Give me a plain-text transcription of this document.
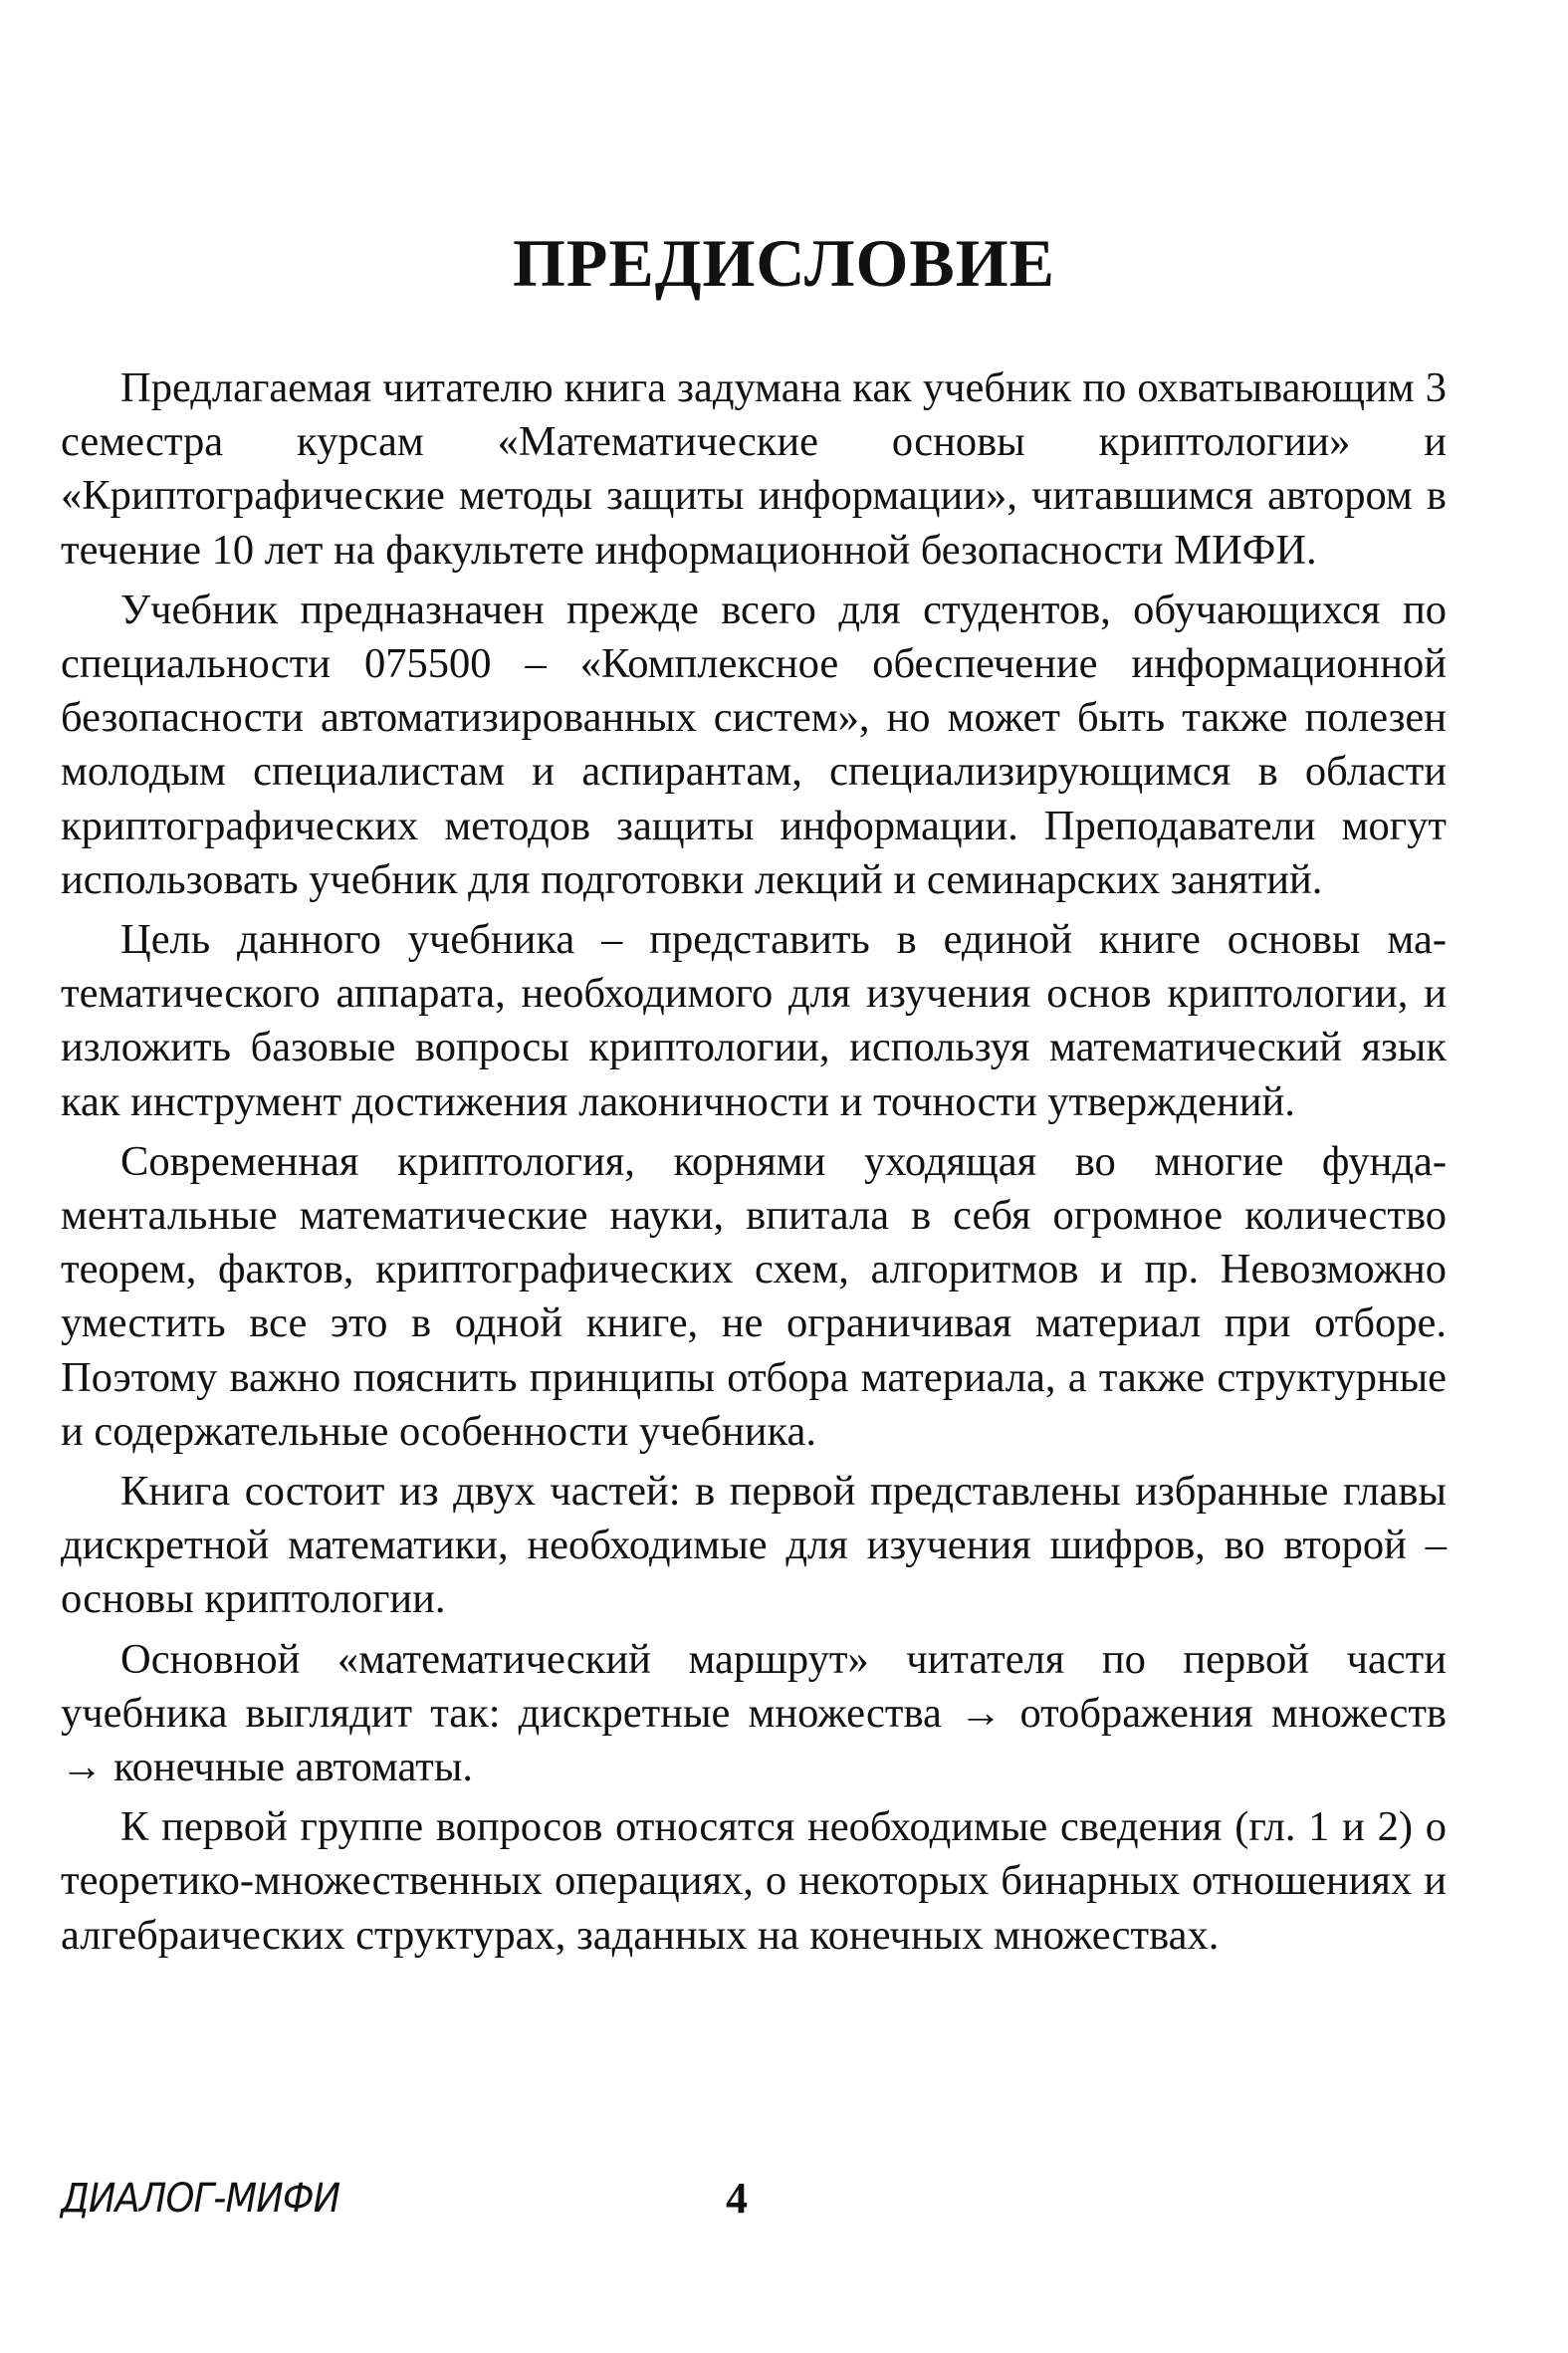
ПРЕДИСЛОВИЕ

Предлагаемая читателю книга задумана как учебник по охватывающим 3 семестра курсам «Математические основы криптологии» и «Криптографические методы защиты информации», читавшимся автором в течение 10 лет на факультете информационной безопасности МИФИ.

Учебник предназначен прежде всего для студентов, обучающихся по специальности 075500 – «Комплексное обеспечение информационной безопасности автоматизированных систем», но может быть также полезен молодым специалистам и аспирантам, специализирующимся в области криптографических методов защиты информации. Преподаватели могут использовать учебник для подготовки лекций и семинарских занятий.

Цель данного учебника – представить в единой книге основы математического аппарата, необходимого для изучения основ криптологии, и изложить базовые вопросы криптологии, используя математический язык как инструмент достижения лаконичности и точности утверждений.

Современная криптология, корнями уходящая во многие фундаментальные математические науки, впитала в себя огромное количество теорем, фактов, криптографических схем, алгоритмов и пр. Невозможно уместить все это в одной книге, не ограничивая материал при отборе. Поэтому важно пояснить принципы отбора материала, а также структурные и содержательные особенности учебника.

Книга состоит из двух частей: в первой представлены избранные главы дискретной математики, необходимые для изучения шифров, во второй – основы криптологии.

Основной «математический маршрут» читателя по первой части учебника выглядит так: дискретные множества → отображения множеств → конечные автоматы.

К первой группе вопросов относятся необходимые сведения (гл. 1 и 2) о теоретико-множественных операциях, о некоторых бинарных отношениях и алгебраических структурах, заданных на конечных множествах.

ДИАЛОГ-МИФИ	4
